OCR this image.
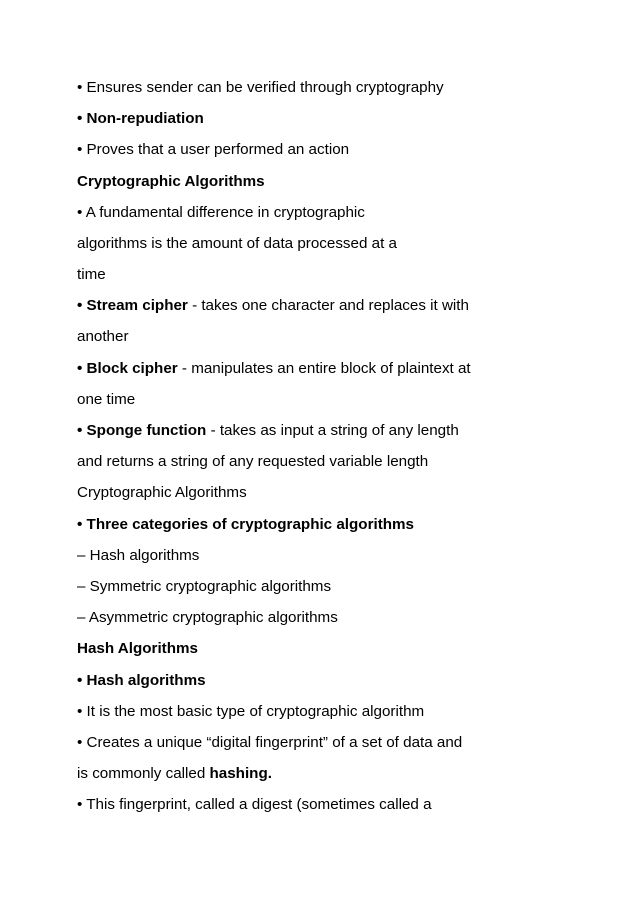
• Ensures sender can be verified through cryptography
• Non-repudiation
• Proves that a user performed an action
Cryptographic Algorithms
• A fundamental difference in cryptographic
algorithms is the amount of data processed at a
time
• Stream cipher - takes one character and replaces it with
another
• Block cipher - manipulates an entire block of plaintext at
one time
• Sponge function - takes as input a string of any length
and returns a string of any requested variable length
Cryptographic Algorithms
• Three categories of cryptographic algorithms
– Hash algorithms
– Symmetric cryptographic algorithms
– Asymmetric cryptographic algorithms
Hash Algorithms
• Hash algorithms
• It is the most basic type of cryptographic algorithm
• Creates a unique “digital fingerprint” of a set of data and
is commonly called hashing.
• This fingerprint, called a digest (sometimes called a
